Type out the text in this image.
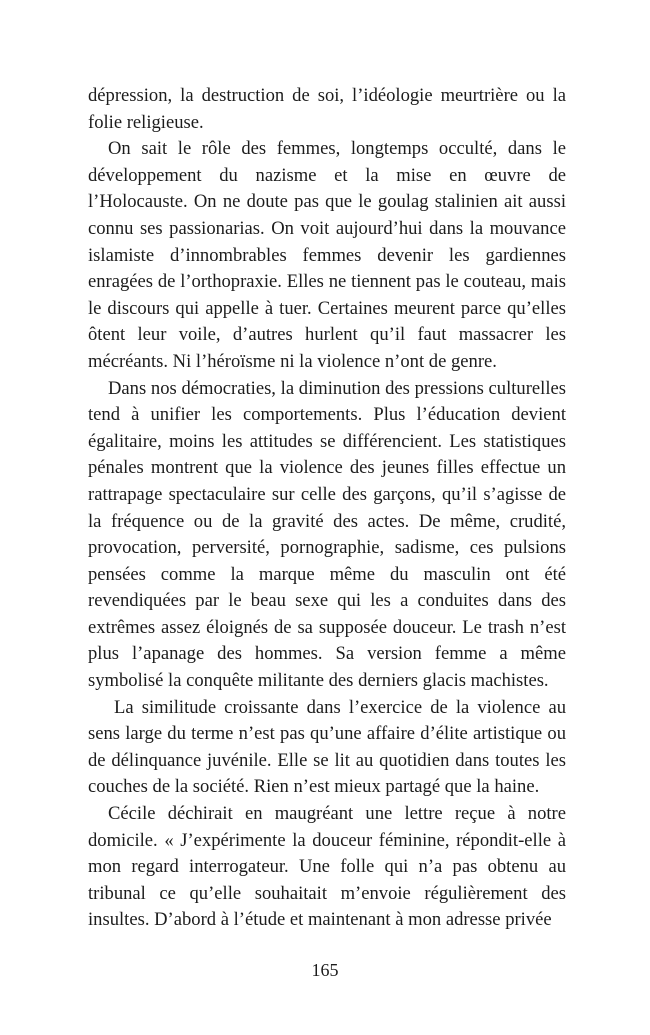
dépression, la destruction de soi, l’idéologie meurtrière ou la folie religieuse.

On sait le rôle des femmes, longtemps occulté, dans le développement du nazisme et la mise en œuvre de l’Holocauste. On ne doute pas que le goulag stalinien ait aussi connu ses passionarias. On voit aujourd’hui dans la mouvance islamiste d’innombrables femmes devenir les gardiennes enragées de l’orthopraxie. Elles ne tiennent pas le couteau, mais le discours qui appelle à tuer. Certaines meurent parce qu’elles ôtent leur voile, d’autres hurlent qu’il faut massacrer les mécréants. Ni l’héroïsme ni la violence n’ont de genre.

Dans nos démocraties, la diminution des pressions culturelles tend à unifier les comportements. Plus l’éducation devient égalitaire, moins les attitudes se différencient. Les statistiques pénales montrent que la violence des jeunes filles effectue un rattrapage spectaculaire sur celle des garçons, qu’il s’agisse de la fréquence ou de la gravité des actes. De même, crudité, provocation, perversité, pornographie, sadisme, ces pulsions pensées comme la marque même du masculin ont été revendiquées par le beau sexe qui les a conduites dans des extrêmes assez éloignés de sa supposée douceur. Le trash n’est plus l’apanage des hommes. Sa version femme a même symbolisé la conquête militante des derniers glacis machistes.

La similitude croissante dans l’exercice de la violence au sens large du terme n’est pas qu’une affaire d’élite artistique ou de délinquance juvénile. Elle se lit au quotidien dans toutes les couches de la société. Rien n’est mieux partagé que la haine.

Cécile déchirait en maugréant une lettre reçue à notre domicile. « J’expérimente la douceur féminine, répondit-elle à mon regard interrogateur. Une folle qui n’a pas obtenu au tribunal ce qu’elle souhaitait m’envoie régulièrement des insultes. D’abord à l’étude et maintenant à mon adresse privée

165
